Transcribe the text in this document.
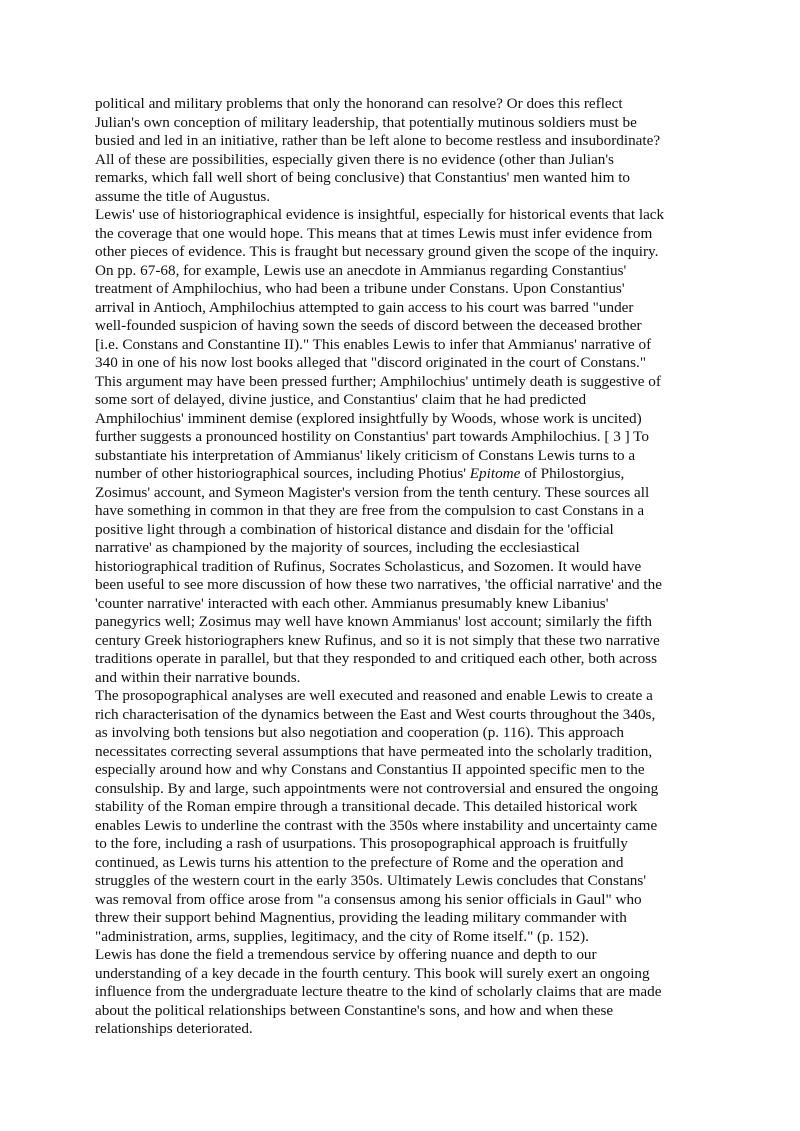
political and military problems that only the honorand can resolve? Or does this reflect
Julian's own conception of military leadership, that potentially mutinous soldiers must be
busied and led in an initiative, rather than be left alone to become restless and insubordinate?
All of these are possibilities, especially given there is no evidence (other than Julian's
remarks, which fall well short of being conclusive) that Constantius' men wanted him to
assume the title of Augustus.

Lewis' use of historiographical evidence is insightful, especially for historical events that lack
the coverage that one would hope. This means that at times Lewis must infer evidence from
other pieces of evidence. This is fraught but necessary ground given the scope of the inquiry.
On pp. 67-68, for example, Lewis use an anecdote in Ammianus regarding Constantius'
treatment of Amphilochius, who had been a tribune under Constans. Upon Constantius'
arrival in Antioch, Amphilochius attempted to gain access to his court was barred "under
well-founded suspicion of having sown the seeds of discord between the deceased brother
[i.e. Constans and Constantine II)." This enables Lewis to infer that Ammianus' narrative of
340 in one of his now lost books alleged that "discord originated in the court of Constans."
This argument may have been pressed further; Amphilochius' untimely death is suggestive of
some sort of delayed, divine justice, and Constantius' claim that he had predicted
Amphilochius' imminent demise (explored insightfully by Woods, whose work is uncited)
further suggests a pronounced hostility on Constantius' part towards Amphilochius. [ 3 ] To
substantiate his interpretation of Ammianus' likely criticism of Constans Lewis turns to a
number of other historiographical sources, including Photius' Epitome of Philostorgius,
Zosimus' account, and Symeon Magister's version from the tenth century. These sources all
have something in common in that they are free from the compulsion to cast Constans in a
positive light through a combination of historical distance and disdain for the 'official
narrative' as championed by the majority of sources, including the ecclesiastical
historiographical tradition of Rufinus, Socrates Scholasticus, and Sozomen. It would have
been useful to see more discussion of how these two narratives, 'the official narrative' and the
'counter narrative' interacted with each other. Ammianus presumably knew Libanius'
panegyrics well; Zosimus may well have known Ammianus' lost account; similarly the fifth
century Greek historiographers knew Rufinus, and so it is not simply that these two narrative
traditions operate in parallel, but that they responded to and critiqued each other, both across
and within their narrative bounds.

The prosopographical analyses are well executed and reasoned and enable Lewis to create a
rich characterisation of the dynamics between the East and West courts throughout the 340s,
as involving both tensions but also negotiation and cooperation (p. 116). This approach
necessitates correcting several assumptions that have permeated into the scholarly tradition,
especially around how and why Constans and Constantius II appointed specific men to the
consulship. By and large, such appointments were not controversial and ensured the ongoing
stability of the Roman empire through a transitional decade. This detailed historical work
enables Lewis to underline the contrast with the 350s where instability and uncertainty came
to the fore, including a rash of usurpations. This prosopographical approach is fruitfully
continued, as Lewis turns his attention to the prefecture of Rome and the operation and
struggles of the western court in the early 350s. Ultimately Lewis concludes that Constans'
was removal from office arose from "a consensus among his senior officials in Gaul" who
threw their support behind Magnentius, providing the leading military commander with
"administration, arms, supplies, legitimacy, and the city of Rome itself." (p. 152).

Lewis has done the field a tremendous service by offering nuance and depth to our
understanding of a key decade in the fourth century. This book will surely exert an ongoing
influence from the undergraduate lecture theatre to the kind of scholarly claims that are made
about the political relationships between Constantine's sons, and how and when these
relationships deteriorated.
